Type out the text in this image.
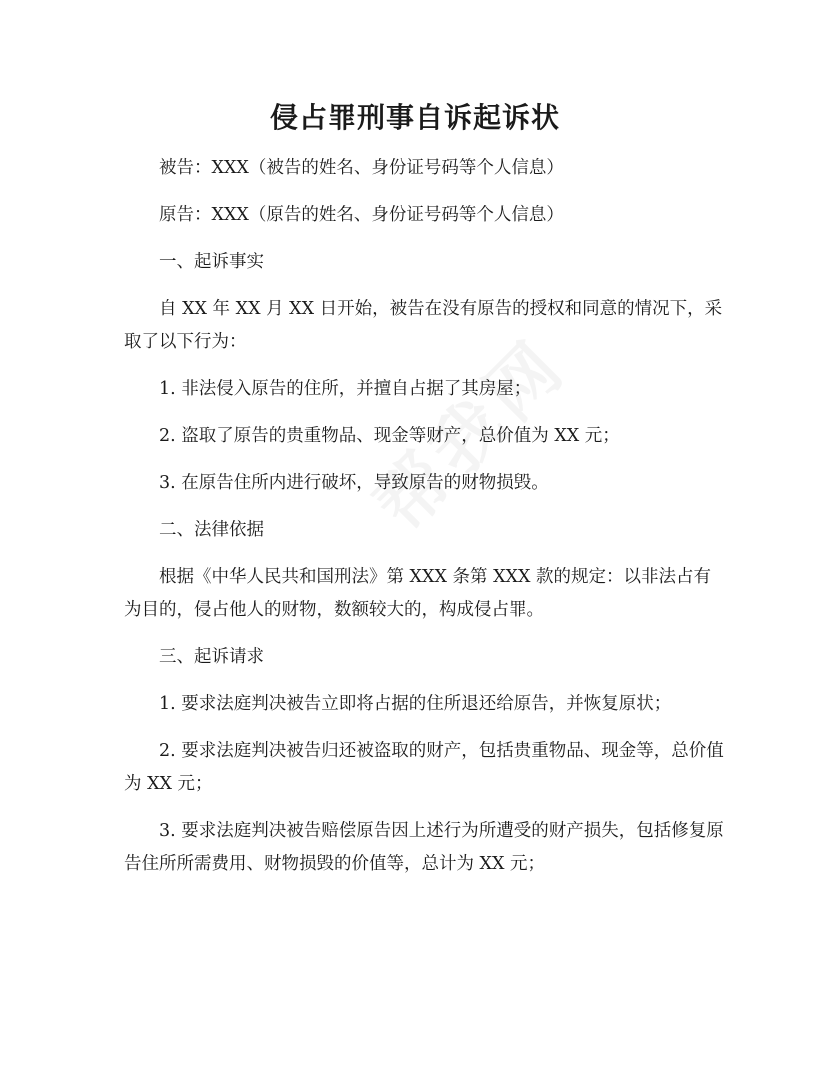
侵占罪刑事自诉起诉状

被告：XXX（被告的姓名、身份证号码等个人信息）

原告：XXX（原告的姓名、身份证号码等个人信息）

一、起诉事实

自 XX 年 XX 月 XX 日开始，被告在没有原告的授权和同意的情况下，采取了以下行为：

1. 非法侵入原告的住所，并擅自占据了其房屋；

2. 盗取了原告的贵重物品、现金等财产，总价值为 XX 元；

3. 在原告住所内进行破坏，导致原告的财物损毁。

二、法律依据

根据《中华人民共和国刑法》第 XXX 条第 XXX 款的规定：以非法占有为目的，侵占他人的财物，数额较大的，构成侵占罪。

三、起诉请求

1. 要求法庭判决被告立即将占据的住所退还给原告，并恢复原状；

2. 要求法庭判决被告归还被盗取的财产，包括贵重物品、现金等，总价值为 XX 元；

3. 要求法庭判决被告赔偿原告因上述行为所遭受的财产损失，包括修复原告住所所需费用、财物损毁的价值等，总计为 XX 元；
